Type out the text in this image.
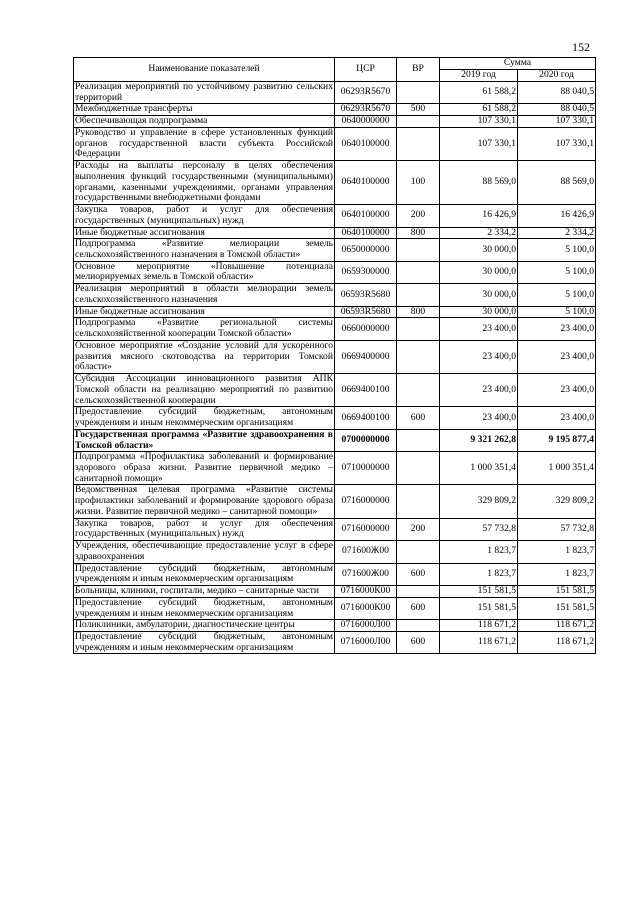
152
Наименование показателей	ЦСР	ВР	Сумма	
			2019 год	2020 год
Реализация мероприятий по устойчивому развитию сельских территорий	06293R5670		61 588,2	88 040,5
Межбюджетные трансферты	06293R5670	500	61 588,2	88 040,5
Обеспечивающая подпрограмма	0640000000		107 330,1	107 330,1
Руководство и управление в сфере установленных функций органов государственной власти субъекта Российской Федерации	0640100000		107 330,1	107 330,1
Расходы на выплаты персоналу в целях обеспечения выполнения функций государственными (муниципальными) органами, казенными учреждениями, органами управления государственными внебюджетными фондами	0640100000	100	88 569,0	88 569,0
Закупка товаров, работ и услуг для обеспечения государственных (муниципальных) нужд	0640100000	200	16 426,9	16 426,9
Иные бюджетные ассигнования	0640100000	800	2 334,2	2 334,2
Подпрограмма «Развитие мелиорации земель сельскохозяйственного назначения в Томской области»	0650000000		30 000,0	5 100,0
Основное мероприятие «Повышение потенциала мелиорируемых земель в Томской области»	0659300000		30 000,0	5 100,0
Реализация мероприятий в области мелиорации земель сельскохозяйственного назначения	06593R5680		30 000,0	5 100,0
Иные бюджетные ассигнования	06593R5680	800	30 000,0	5 100,0
Подпрограмма «Развитие региональной системы сельскохозяйственной кооперации Томской области»	0660000000		23 400,0	23 400,0
Основное мероприятие «Создание условий для ускоренного развития мясного скотоводства на территории Томской области»	0669400000		23 400,0	23 400,0
Субсидия Ассоциации инновационного развития АПК Томской области на реализацию мероприятий по развитию сельскохозяйственной кооперации	0669400100		23 400,0	23 400,0
Предоставление субсидий бюджетным, автономным учреждениям и иным некоммерческим организациям	0669400100	600	23 400,0	23 400,0
Государственная программа «Развитие здравоохранения в Томской области»	0700000000		9 321 262,8	9 195 877,4
Подпрограмма «Профилактика заболеваний и формирование здорового образа жизни. Развитие первичной медико – санитарной помощи»	0710000000		1 000 351,4	1 000 351,4
Ведомственная целевая программа «Развитие системы профилактики заболеваний и формирование здорового образа жизни. Развитие первичной медико – санитарной помощи»	0716000000		329 809,2	329 809,2
Закупка товаров, работ и услуг для обеспечения государственных (муниципальных) нужд	0716000000	200	57 732,8	57 732,8
Учреждения, обеспечивающие предоставление услуг в сфере здравоохранения	071600Ж00		1 823,7	1 823,7
Предоставление субсидий бюджетным, автономным учреждениям и иным некоммерческим организациям	071600Ж00	600	1 823,7	1 823,7
Больницы, клиники, госпитали, медико – санитарные части	0716000К00		151 581,5	151 581,5
Предоставление субсидий бюджетным, автономным учреждениям и иным некоммерческим организациям	0716000К00	600	151 581,5	151 581,5
Поликлиники, амбулатории, диагностические центры	0716000Л00		118 671,2	118 671,2
Предоставление субсидий бюджетным, автономным учреждениям и иным некоммерческим организациям	0716000Л00	600	118 671,2	118 671,2
